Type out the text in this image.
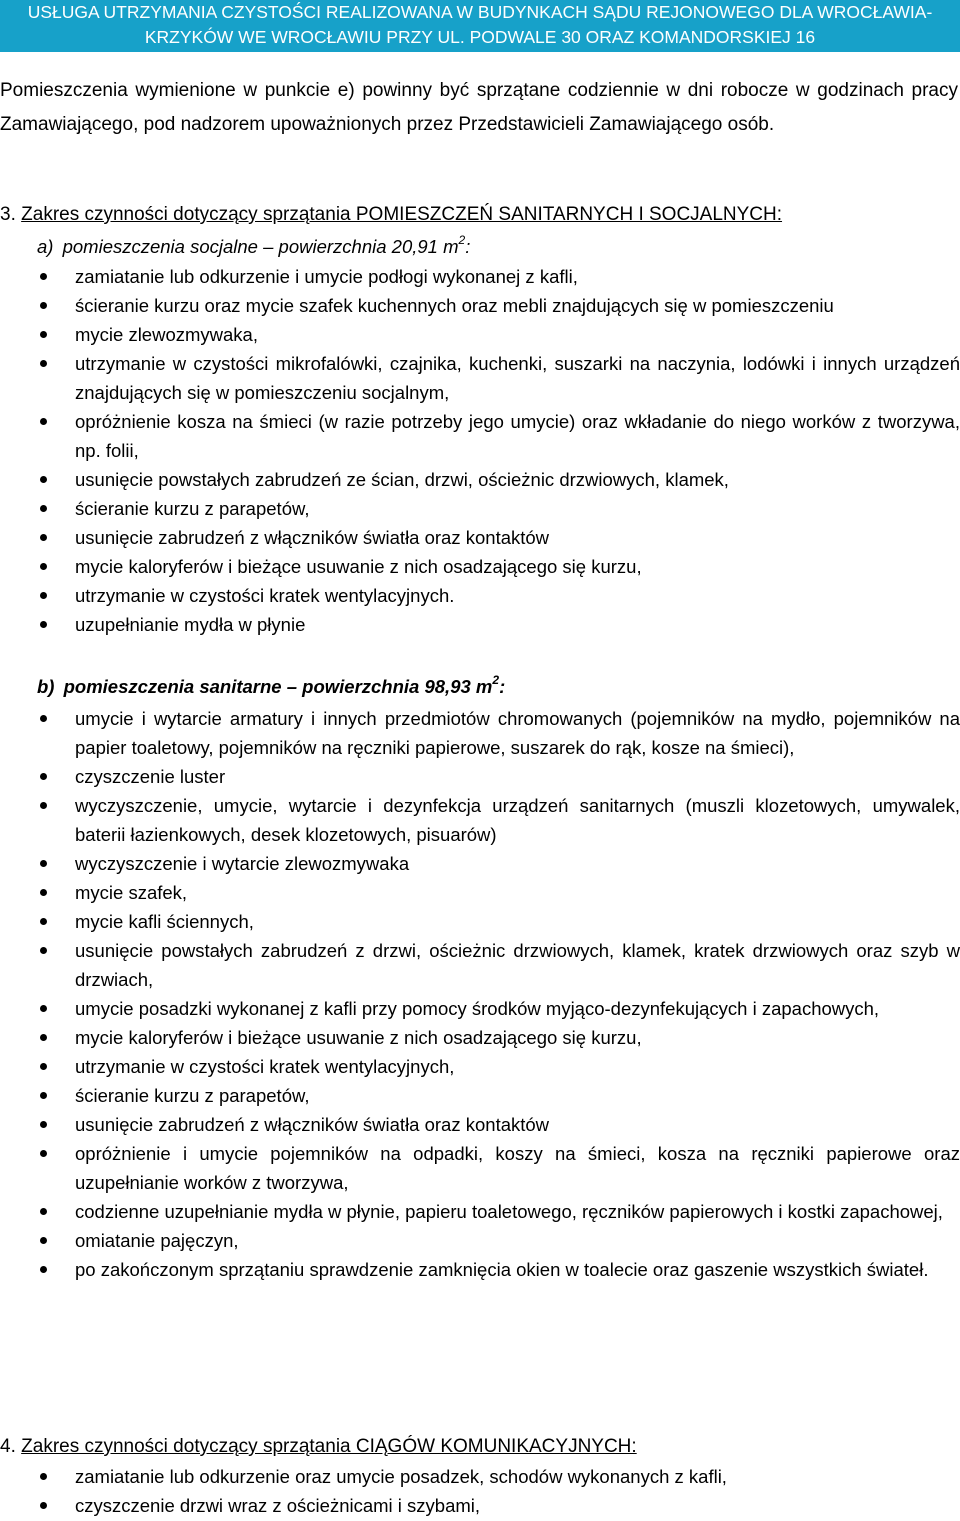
USŁUGA UTRZYMANIA CZYSTOŚCI REALIZOWANA W BUDYNKACH SĄDU REJONOWEGO DLA WROCŁAWIA-KRZYKÓW WE WROCŁAWIU PRZY UL. PODWALE 30 ORAZ KOMANDORSKIEJ 16
Pomieszczenia wymienione w punkcie e) powinny być sprzątane codziennie w dni robocze w godzinach pracy Zamawiającego, pod nadzorem upoważnionych przez Przedstawicieli Zamawiającego osób.
3. Zakres czynności dotyczący sprzątania POMIESZCZEŃ SANITARNYCH I SOCJALNYCH:
a) pomieszczenia socjalne – powierzchnia 20,91 $m^2$:
zamiatanie lub odkurzenie i umycie podłogi wykonanej z kafli,
ścieranie kurzu oraz mycie szafek kuchennych oraz mebli znajdujących się w pomieszczeniu
mycie zlewozmywaka,
utrzymanie w czystości mikrofalówki, czajnika, kuchenki, suszarki na naczynia, lodówki i innych urządzeń znajdujących się w pomieszczeniu socjalnym,
opróżnienie kosza na śmieci (w razie potrzeby jego umycie) oraz wkładanie do niego worków z tworzywa, np. folii,
usunięcie powstałych zabrudzeń ze ścian, drzwi, ościeżnic drzwiowych, klamek,
ścieranie kurzu z parapetów,
usunięcie zabrudzeń z włączników światła oraz kontaktów
mycie kaloryferów i bieżące usuwanie z nich osadzającego się kurzu,
utrzymanie w czystości kratek wentylacyjnych.
uzupełnianie mydła w płynie
b) pomieszczenia sanitarne – powierzchnia 98,93 $m^2$:
umycie i wytarcie armatury i innych przedmiotów chromowanych (pojemników na mydło, pojemników na papier toaletowy, pojemników na ręczniki papierowe, suszarek do rąk, kosze na śmieci),
czyszczenie luster
wyczyszczenie, umycie, wytarcie i dezynfekcja urządzeń sanitarnych (muszli klozetowych, umywalek, baterii łazienkowych, desek klozetowych, pisuarów)
wyczyszczenie i wytarcie zlewozmywaka
mycie szafek,
mycie kafli ściennych,
usunięcie powstałych zabrudzeń z drzwi, ościeżnic drzwiowych, klamek, kratek drzwiowych oraz szyb w drzwiach,
umycie posadzki wykonanej z kafli przy pomocy środków myjąco-dezynfekujących i zapachowych,
mycie kaloryferów i bieżące usuwanie z nich osadzającego się kurzu,
utrzymanie w czystości kratek wentylacyjnych,
ścieranie kurzu z parapetów,
usunięcie zabrudzeń z włączników światła oraz kontaktów
opróżnienie i umycie pojemników na odpadki, koszy na śmieci, kosza na ręczniki papierowe oraz uzupełnianie worków z tworzywa,
codzienne uzupełnianie mydła w płynie, papieru toaletowego, ręczników papierowych i kostki zapachowej,
omiatanie pajęczyn,
po zakończonym sprzątaniu sprawdzenie zamknięcia okien w toalecie oraz gaszenie wszystkich świateł.
4. Zakres czynności dotyczący sprzątania CIĄGÓW KOMUNIKACYJNYCH:
zamiatanie lub odkurzenie oraz umycie posadzek, schodów wykonanych z kafli,
czyszczenie drzwi wraz z ościeżnicami i szybami,
